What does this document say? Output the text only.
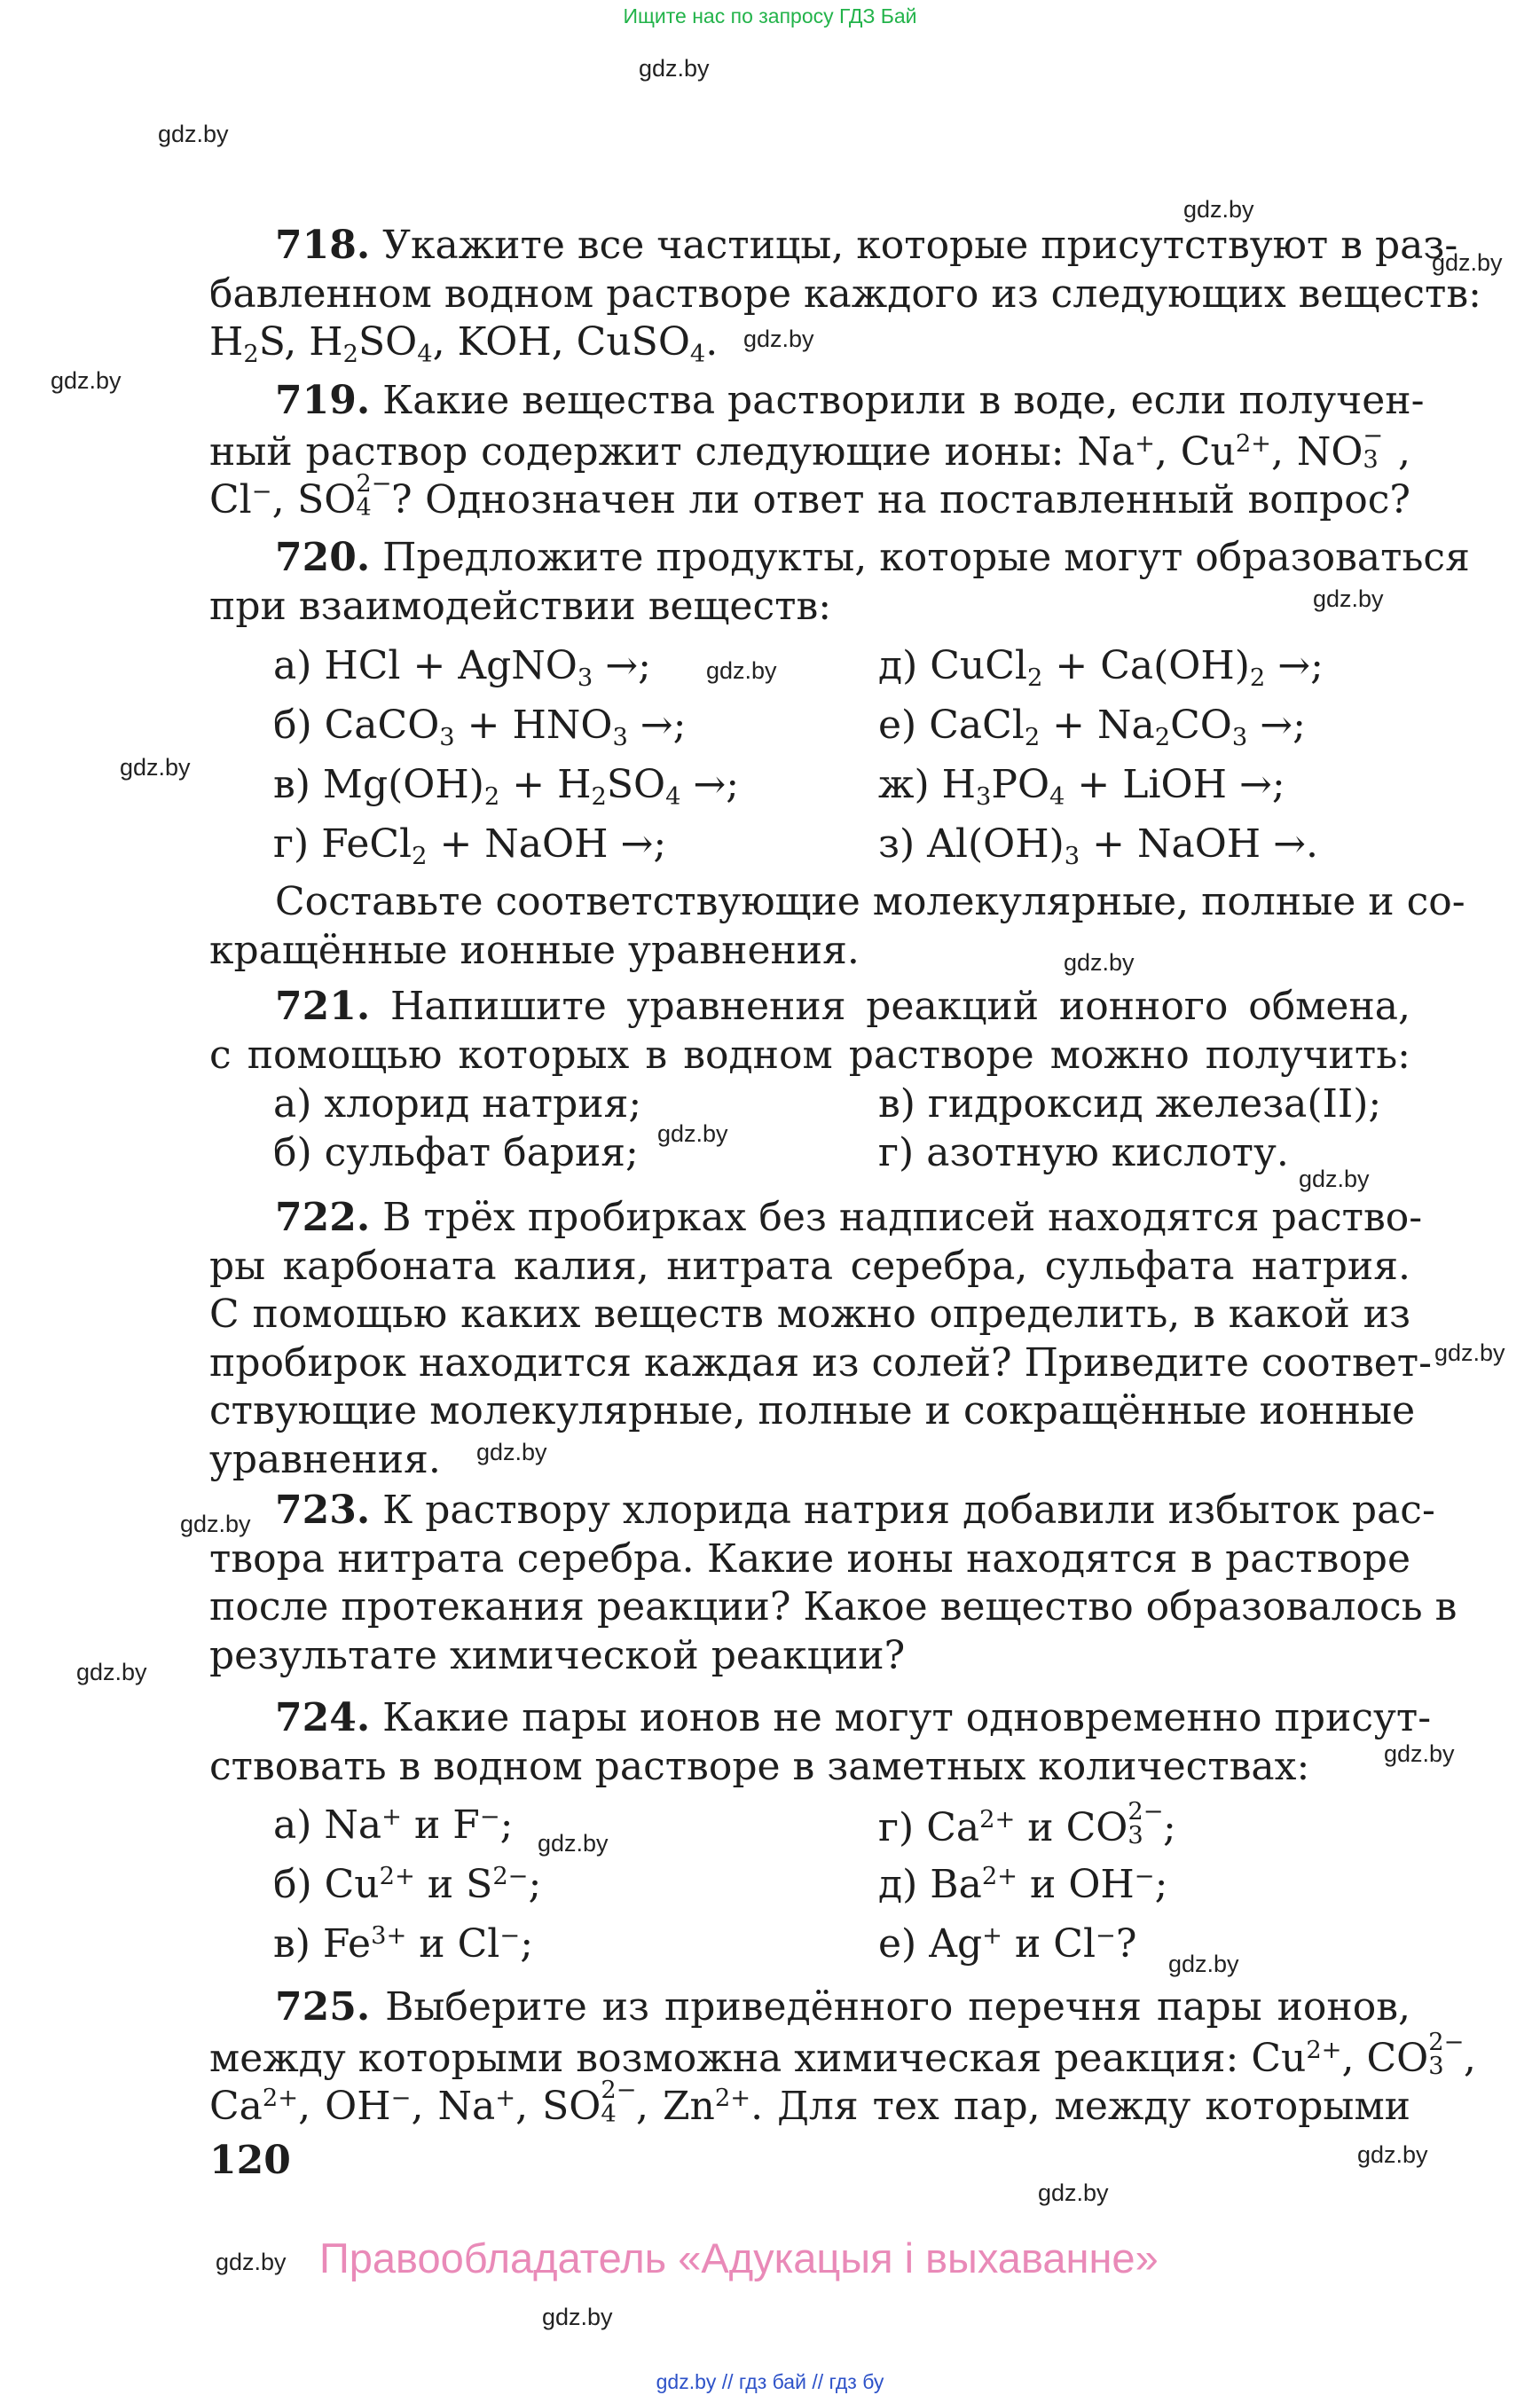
Ищите нас по запросу ГДЗ Бай
gdz.by
gdz.by
gdz.by
gdz.by
gdz.by
gdz.by
gdz.by
gdz.by
gdz.by
gdz.by
gdz.by
gdz.by
gdz.by
gdz.by
gdz.by
gdz.by
gdz.by
gdz.by
gdz.by
gdz.by
gdz.by
gdz.by
gdz.by
718. Укажите все частицы, которые присутствуют в раз-
бавленном водном растворе каждого из следующих веществ:
$H_2S$, $H_2SO_4$, KOH, CuSO$_4$.
719. Какие вещества растворили в воде, если получен-
ный раствор содержит следующие ионы: Na+, $Cu^{2+}$, NO −
3 ,
Cl−, SO 2−
4 ? Однозначен ли ответ на поставленный вопрос?
720. Предложите продукты, которые могут образоваться
при взаимодействии веществ:
а) HCl + AgNO$_3$ →;
б) CaCO$_3$ + $HNO_3$ →;
в) $Mg(OH)_2 + H_2SO_4$ →;
г) FeCl$_2$ + NaOH →;
д) CuCl$_2$ + $Ca(OH)_2$ →;
е) CaCl$_2$ + $Na_2CO_3$ →;
ж) $H_3PO_4$ + LiOH →;
з) $Al(OH)_3$ + NaOH →.
Составьте соответствующие молекулярные, полные и со-
кращённые ионные уравнения.
721. Напишите уравнения реакций ионного обмена,
с помощью которых в водном растворе можно получить:
а) хлорид натрия;
б) сульфат бария;
в) гидроксид железа(II);
г) азотную кислоту.
722. В трёх пробирках без надписей находятся раство-
ры карбоната калия, нитрата серебра, сульфата натрия.
С помощью каких веществ можно определить, в какой из
пробирок находится каждая из солей? Приведите соответ-
ствующие молекулярные, полные и сокращённые ионные
уравнения.
723. К раствору хлорида натрия добавили избыток рас-
твора нитрата серебра. Какие ионы находятся в растворе
после протекания реакции? Какое вещество образовалось в
результате химической реакции?
724. Какие пары ионов не могут одновременно присут-
ствовать в водном растворе в заметных количествах:
а) Na+ и F−;
б) $Cu^{2+}$ и $S^{2-}$;
в) $Fe^{3+}$ и Cl−;
г) $Ca^{2+}$ и CO 2−
3 ;
д) $Ba^{2+}$ и OH−;
е) Ag+ и Cl−?
725. Выберите из приведённого перечня пары ионов,
между которыми возможна химическая реакция: $Cu^{2+}$, CO 2−
3 ,
$Ca^{2+}$, OH−, Na+, SO 2−
4 , $Zn^{2+}$. Для тех пар, между которыми
120
Правообладатель «Адукацыя і выхаванне»
gdz.by // гдз бай // гдз бу
